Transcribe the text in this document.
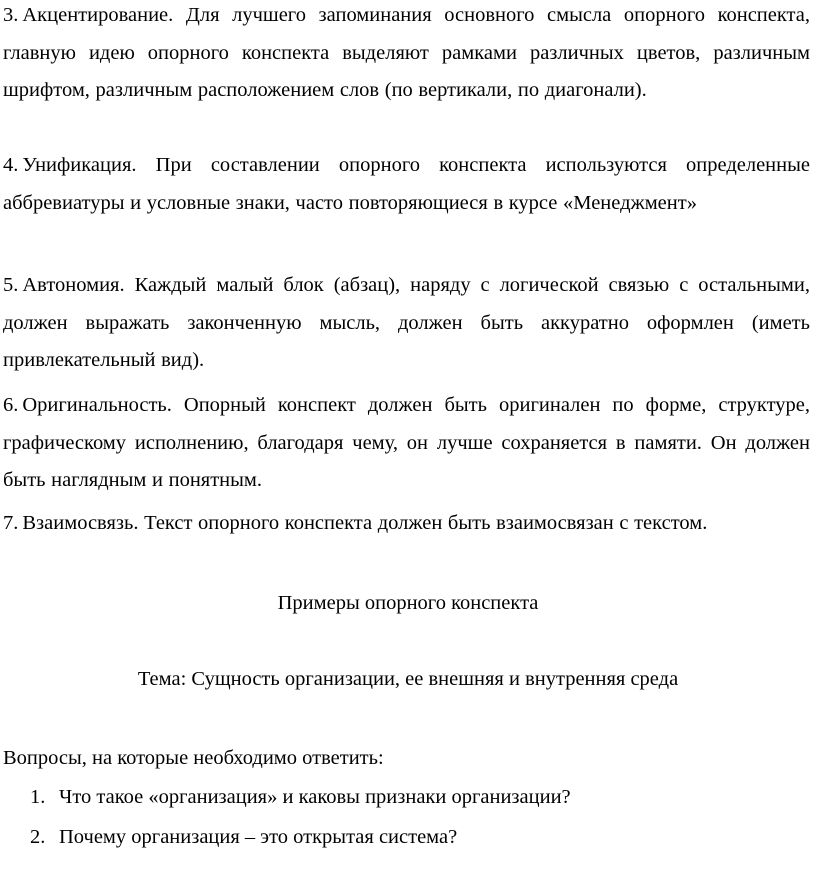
3. Акцентирование. Для лучшего запоминания основного смысла опорного конспекта, главную идею опорного конспекта выделяют рамками различных цветов, различным шрифтом, различным расположением слов (по вертикали, по диагонали).
4. Унификация. При составлении опорного конспекта используются определенные аббревиатуры и условные знаки, часто повторяющиеся в курсе «Менеджмент»
5. Автономия. Каждый малый блок (абзац), наряду с логической связью с остальными, должен выражать законченную мысль, должен быть аккуратно оформлен (иметь привлекательный вид).
6. Оригинальность. Опорный конспект должен быть оригинален по форме, структуре, графическому исполнению, благодаря чему, он лучше сохраняется в памяти. Он должен быть наглядным и понятным.
7. Взаимосвязь. Текст опорного конспекта должен быть взаимосвязан с текстом.
Примеры опорного конспекта
Тема: Сущность организации, ее внешняя и внутренняя среда
Вопросы, на которые необходимо ответить:
1. Что такое «организация» и каковы признаки организации?
2. Почему организация – это открытая система?
